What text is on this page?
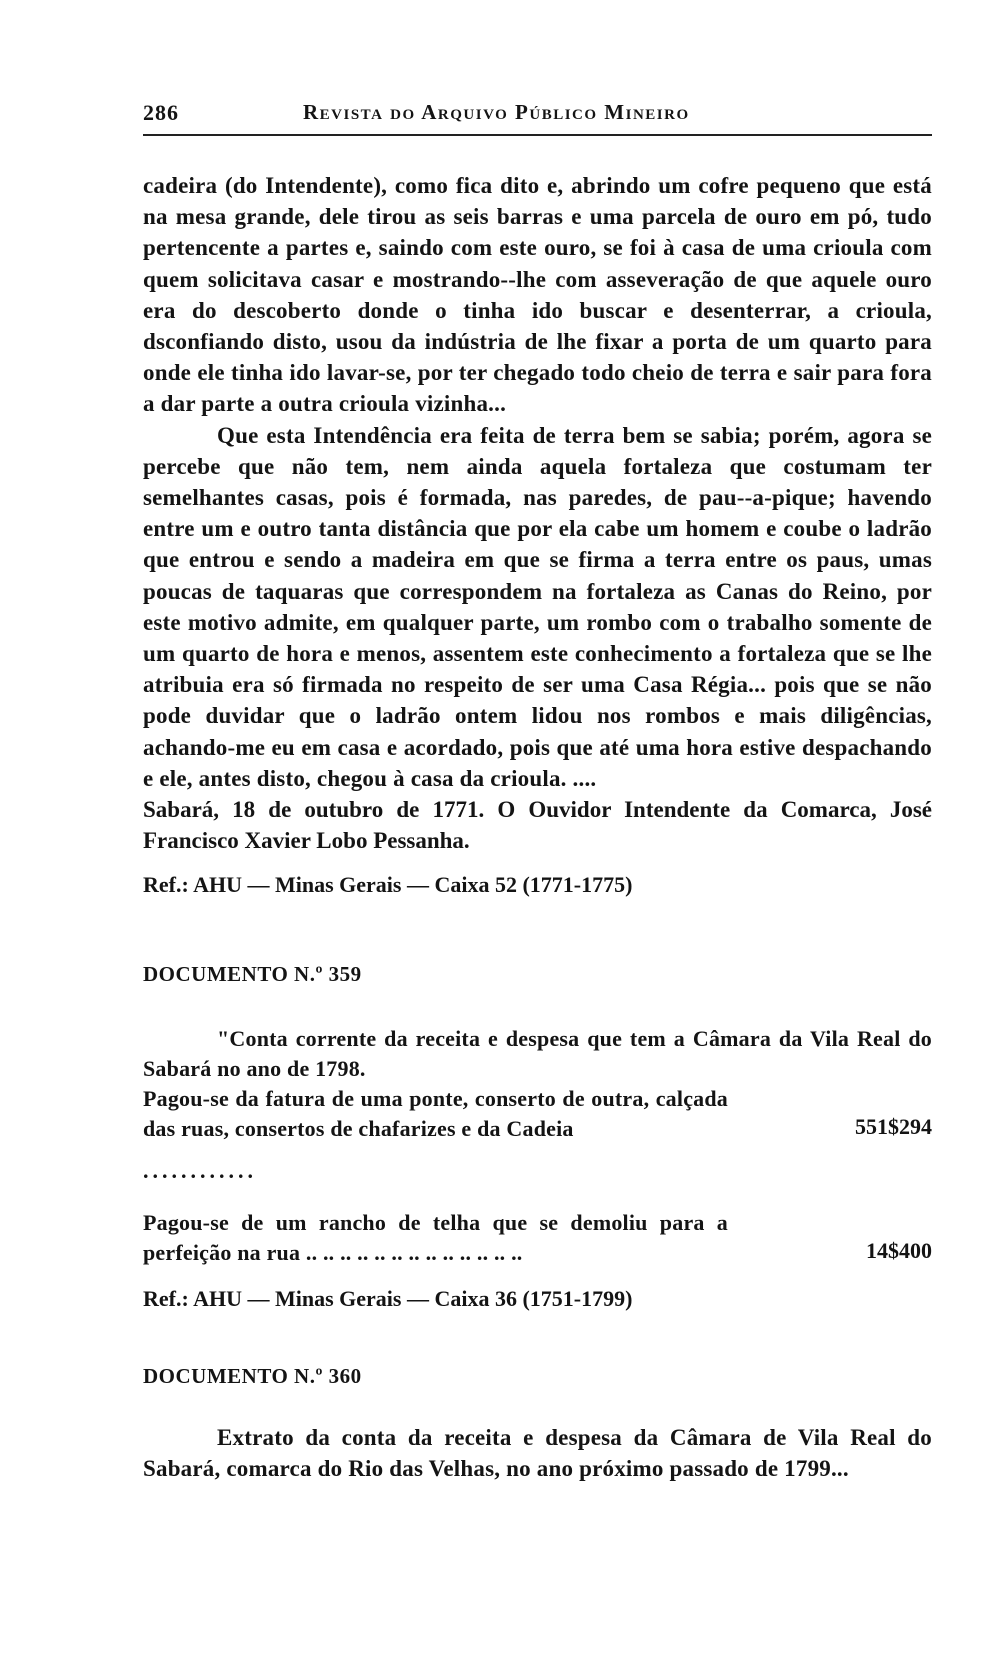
286	Revista do Arquivo Público Mineiro

cadeira (do Intendente), como fica dito e, abrindo um cofre pequeno que está na mesa grande, dele tirou as seis barras e uma parcela de ouro em pó, tudo pertencente a partes e, saindo com este ouro, se foi à casa de uma crioula com quem solicitava casar e mostrando--lhe com asseveração de que aquele ouro era do descoberto donde o tinha ido buscar e desenterrar, a crioula, dsconfiando disto, usou da indústria de lhe fixar a porta de um quarto para onde ele tinha ido lavar-se, por ter chegado todo cheio de terra e sair para fora a dar parte a outra crioula vizinha...

Que esta Intendência era feita de terra bem se sabia; porém, agora se percebe que não tem, nem ainda aquela fortaleza que costumam ter semelhantes casas, pois é formada, nas paredes, de pau--a-pique; havendo entre um e outro tanta distância que por ela cabe um homem e coube o ladrão que entrou e sendo a madeira em que se firma a terra entre os paus, umas poucas de taquaras que correspondem na fortaleza as Canas do Reino, por este motivo admite, em qualquer parte, um rombo com o trabalho somente de um quarto de hora e menos, assentem este conhecimento a fortaleza que se lhe atribuia era só firmada no respeito de ser uma Casa Régia... pois que se não pode duvidar que o ladrão ontem lidou nos rombos e mais diligências, achando-me eu em casa e acordado, pois que até uma hora estive despachando e ele, antes disto, chegou à casa da crioula. ....

Sabará, 18 de outubro de 1771. O Ouvidor Intendente da Comarca, José Francisco Xavier Lobo Pessanha.

Ref.: AHU — Minas Gerais — Caixa 52 (1771-1775)

DOCUMENTO N.º 359
"Conta corrente da receita e despesa que tem a Câmara da Vila Real do Sabará no ano de 1798.
Pagou-se da fatura de uma ponte, conserto de outra, calçada das ruas, consertos de chafarizes e da Cadeia	551$294
............
Pagou-se de um rancho de telha que se demoliu para a perfeição na rua .. .. .. .. .. .. .. .. .. .. .. .. ..	14$400
Ref.: AHU — Minas Gerais — Caixa 36 (1751-1799)
DOCUMENTO N.º 360
Extrato da conta da receita e despesa da Câmara de Vila Real do Sabará, comarca do Rio das Velhas, no ano próximo passado de 1799...
